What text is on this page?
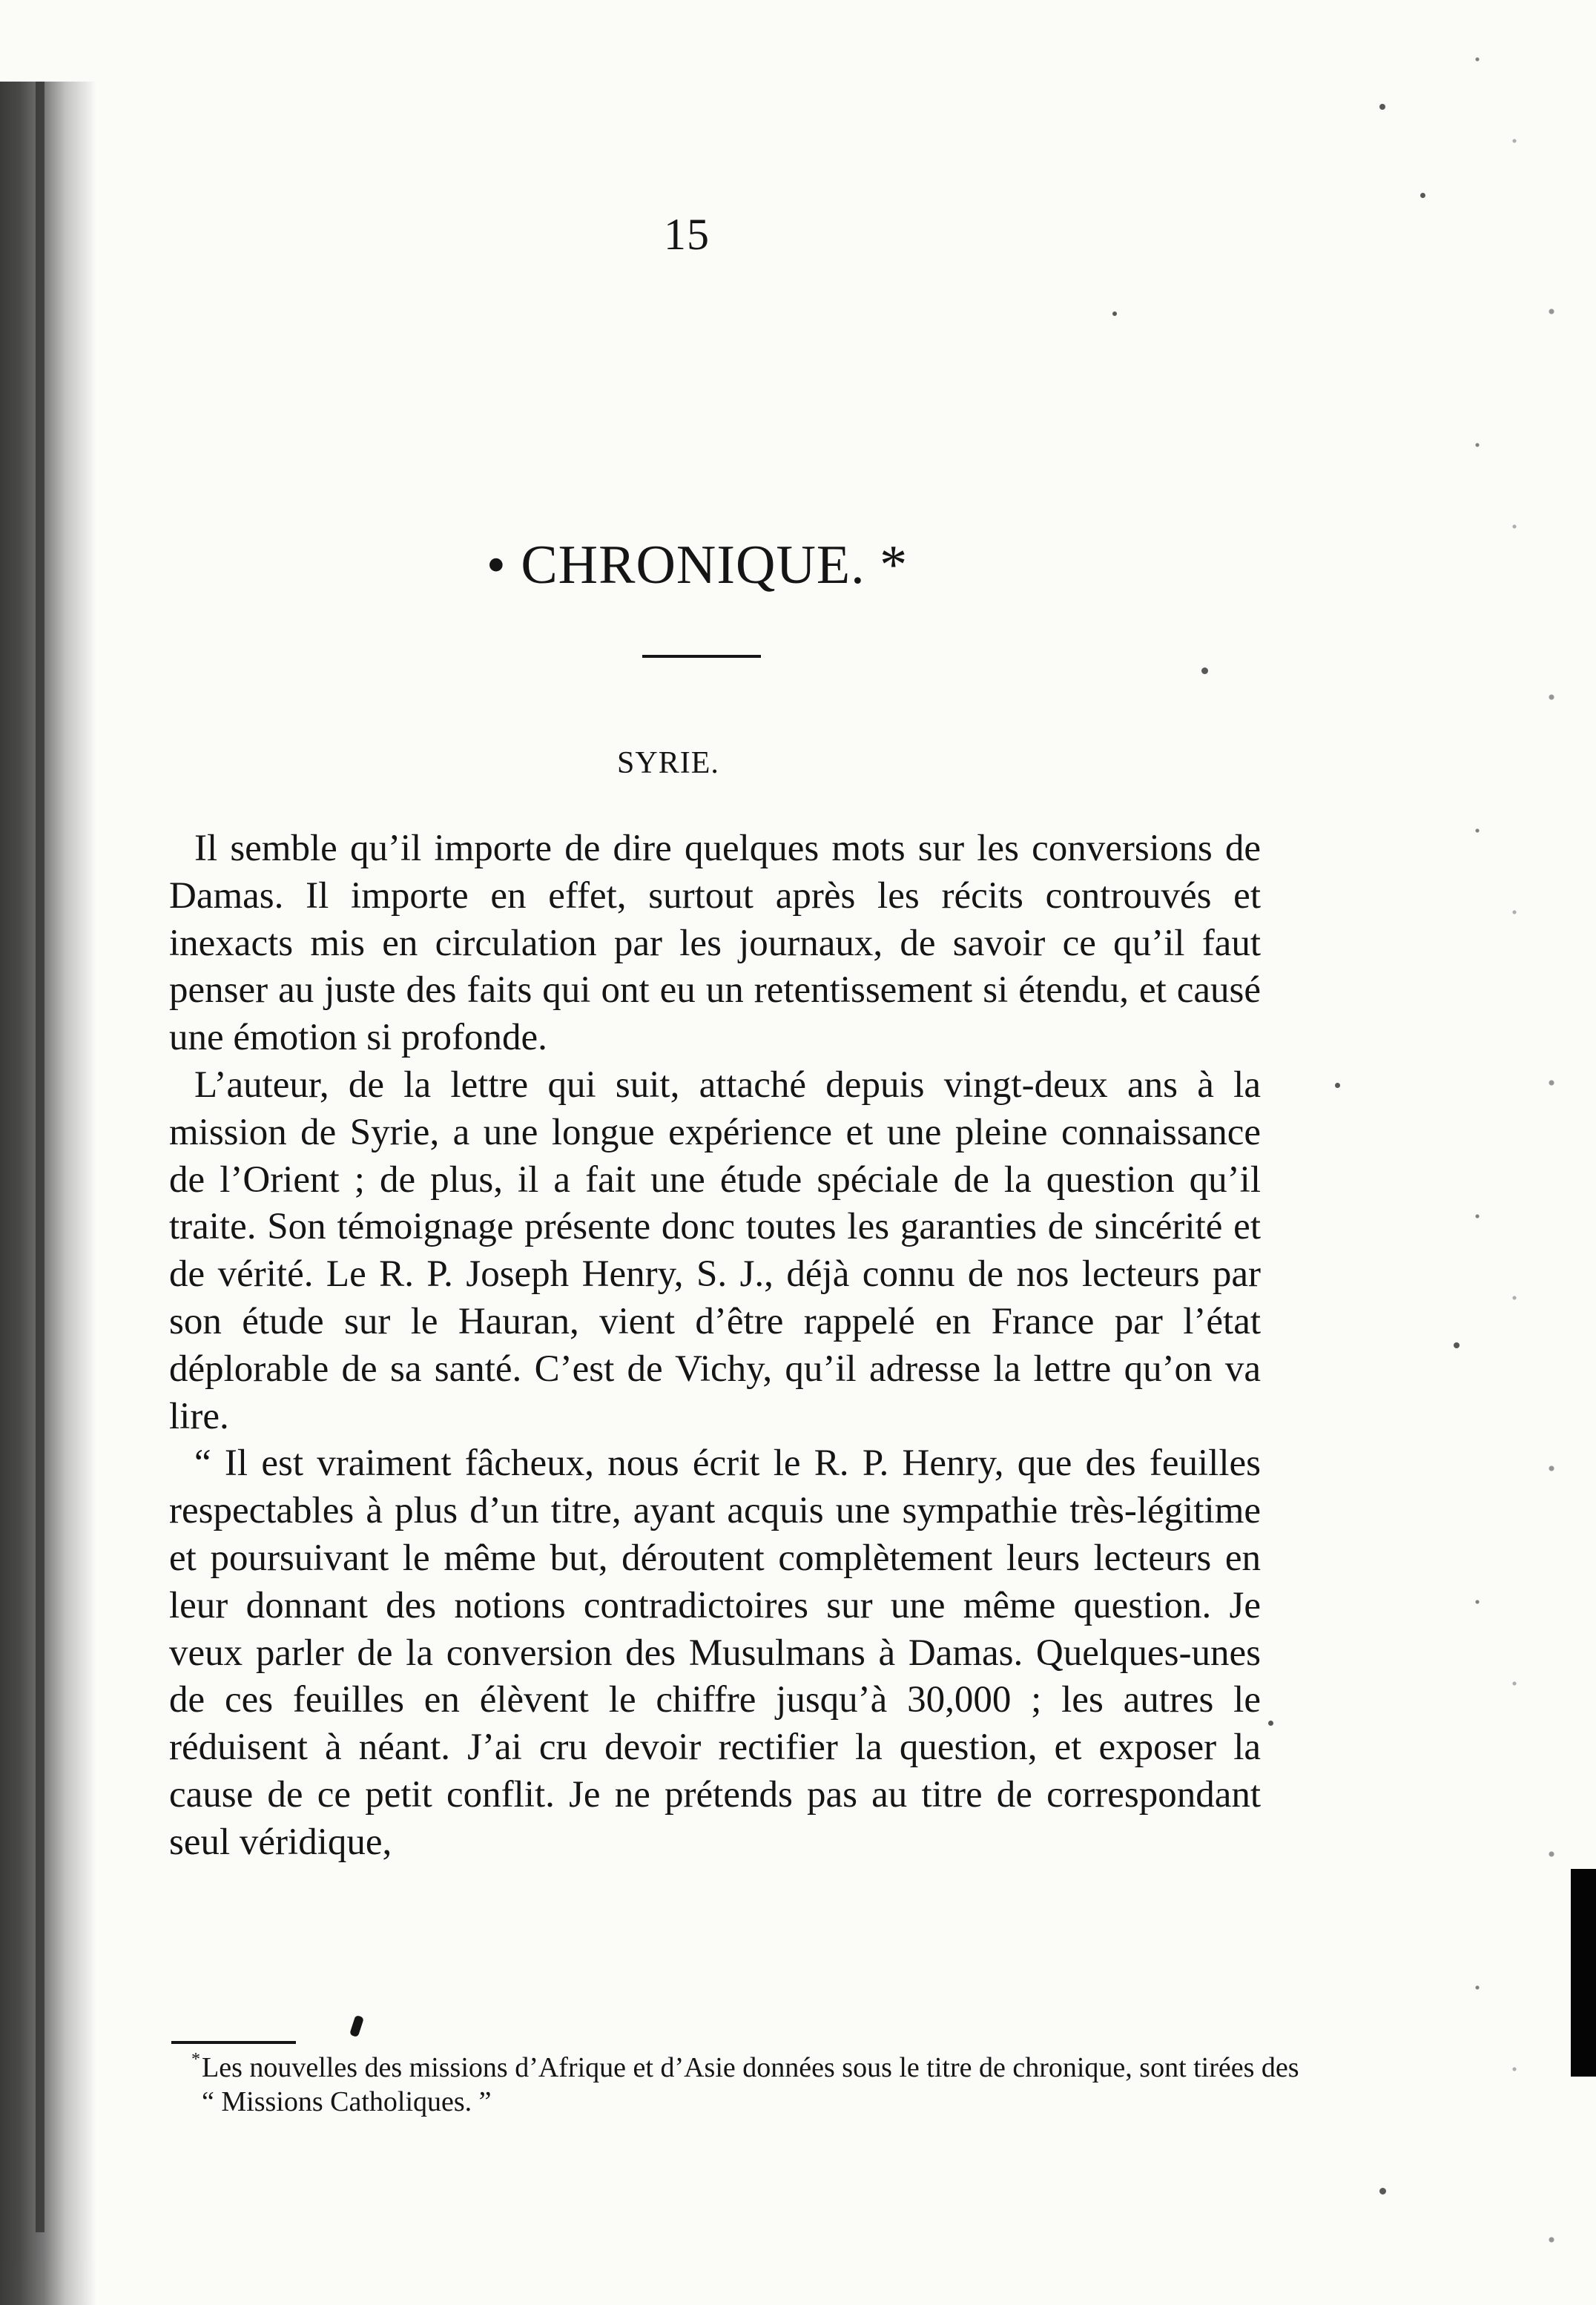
15
• CHRONIQUE. *
SYRIE.

Il semble qu’il importe de dire quelques mots sur les conversions de Damas. Il importe en effet, surtout après les récits controuvés et inexacts mis en circulation par les journaux, de savoir ce qu’il faut penser au juste des faits qui ont eu un retentissement si étendu, et causé une émotion si profonde.

L’auteur, de la lettre qui suit, attaché depuis vingt-deux ans à la mission de Syrie, a une longue expérience et une pleine connaissance de l’Orient ; de plus, il a fait une étude spéciale de la question qu’il traite. Son témoignage présente donc toutes les garanties de sincérité et de vérité. Le R. P. Joseph Henry, S. J., déjà connu de nos lecteurs par son étude sur le Hauran, vient d’être rappelé en France par l’état déplorable de sa santé. C’est de Vichy, qu’il adresse la lettre qu’on va lire.

“ Il est vraiment fâcheux, nous écrit le R. P. Henry, que des feuilles respectables à plus d’un titre, ayant acquis une sympathie très-légitime et poursuivant le même but, déroutent complètement leurs lecteurs en leur donnant des notions contradictoires sur une même question. Je veux parler de la conversion des Musulmans à Damas. Quelques-unes de ces feuilles en élèvent le chiffre jusqu’à 30,000 ; les autres le réduisent à néant. J’ai cru devoir rectifier la question, et exposer la cause de ce petit conflit. Je ne prétends pas au titre de correspondant seul véridique,

* Les nouvelles des missions d’Afrique et d’Asie données sous le titre de chronique, sont tirées des “ Missions Catholiques. ”
